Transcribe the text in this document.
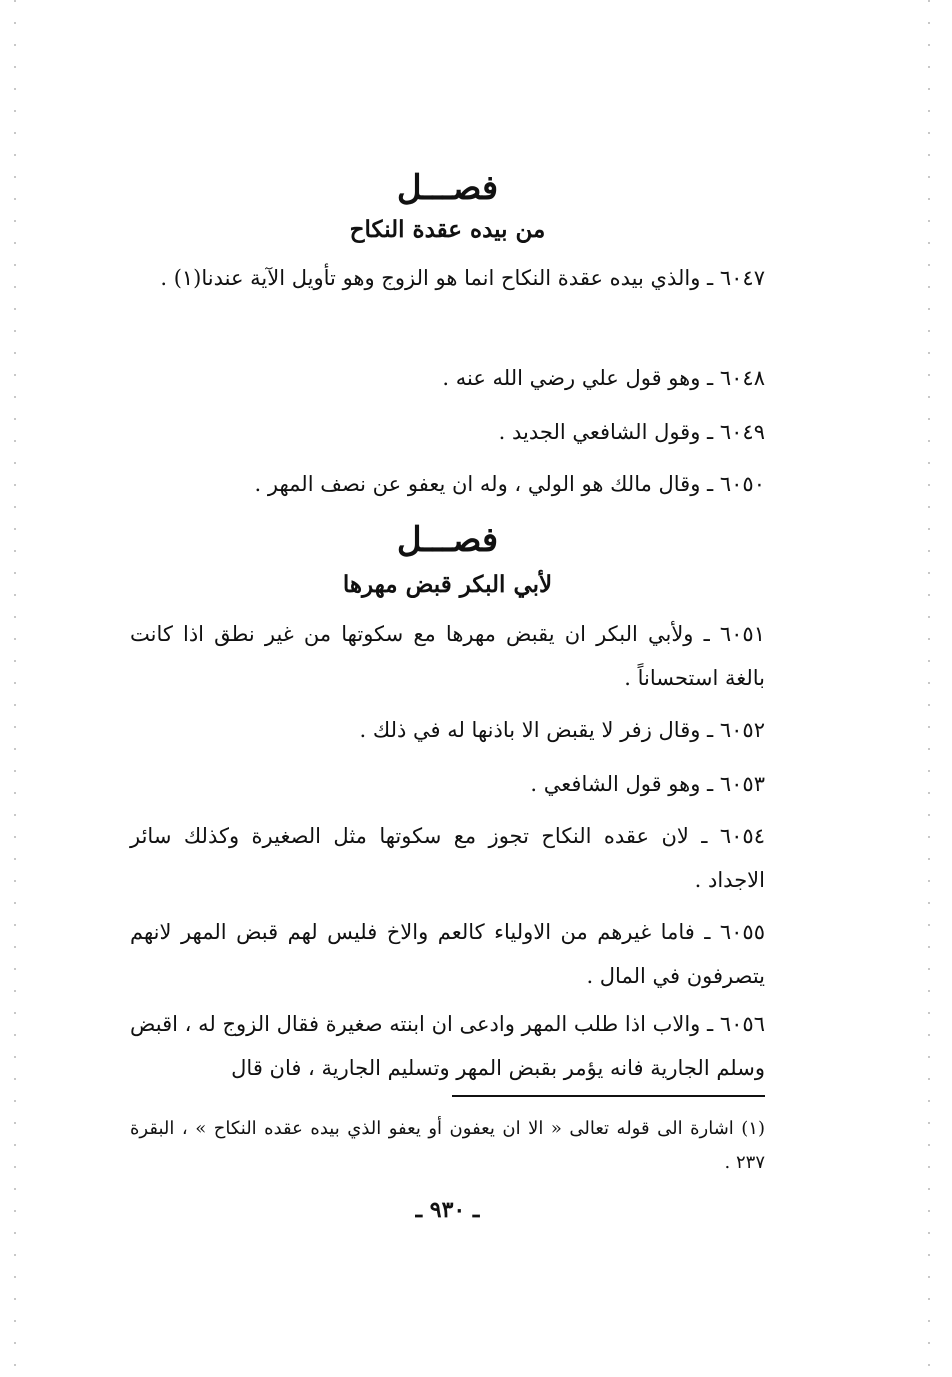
فصـــل
من بيده عقدة النكاح
٦٠٤٧ ـ والذي بيده عقدة النكاح انما هو الزوج وهو تأويل الآية عندنا(١) .
٦٠٤٨ ـ وهو قول علي رضي الله عنه .
٦٠٤٩ ـ وقول الشافعي الجديد .
٦٠٥٠ ـ وقال مالك هو الولي ، وله ان يعفو عن نصف المهر .
فصـــل
لأبي البكر قبض مهرها
٦٠٥١ ـ ولأبي البكر ان يقبض مهرها مع سكوتها من غير نطق اذا كانت بالغة استحساناً .
٦٠٥٢ ـ وقال زفر لا يقبض الا باذنها له في ذلك .
٦٠٥٣ ـ وهو قول الشافعي .
٦٠٥٤ ـ لان عقده النكاح تجوز مع سكوتها مثل الصغيرة وكذلك سائر الاجداد .
٦٠٥٥ ـ فاما غيرهم من الاولياء كالعم والاخ فليس لهم قبض المهر لانهم يتصرفون في المال .
٦٠٥٦ ـ والاب اذا طلب المهر وادعى ان ابنته صغيرة فقال الزوج له ، اقبض وسلم الجارية فانه يؤمر بقبض المهر وتسليم الجارية ، فان قال
(١) اشارة الى قوله تعالى « الا ان يعفون أو يعفو الذي بيده عقده النكاح » ، البقرة ٢٣٧ .
ـ ٩٣٠ ـ
